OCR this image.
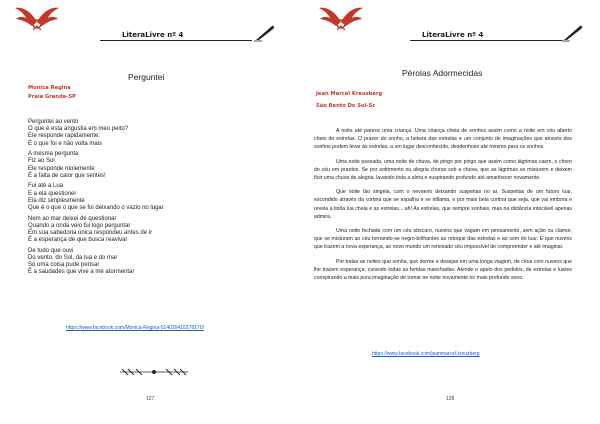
LiteraLivre nº 4
Perguntei
Monica Regina
Praia Grande-SP
Perguntei ao vento
O que é esta angustia em meu peito?
Ele responde rapidamente:
É o que foi e não volta mais
A mesma pergunta
Fiz ao Sol
Ele responde molemente
É a falta de calor que sentes!
Fui até a Lua
E a ela questionei
Ela diz simplesmente
Que é o que o que se foi deixando o vazio no lugar
Nem ao mar deixei de questionar
Quando a onda veio fui logo perguntar
Em sua sabedoria única respondeu antes de ir
É a esperança de que busca reavivar
De tudo que ouvi
Do vento, do Sol, da lua e do mar
Só uma coisa pude pensar
É a saudades que vive a me atormentar
https://www.facebook.com/Monica-Regina-514039415378170/
127
LiteraLivre nº 4
Pérolas Adormecidas
Jean Marcel Kreuzberg
São Bento Do Sul-Sc

A noite até parece uma criança. Uma criança cheia de sonhos assim como a noite em céu aberto cheio de estrelas. O prazer do sonho, a beleza das estrelas e um conjunto de imaginações que através dos sonhos podem levar às estrelas, a um lugar desconhecido, desdenhoso até mesmo para os sonhos.

Uma noite passada, uma noite de chuva, de pingo por pingo que assim como lágrimas caem, o choro do céu em prantos. Se por sofrimento ou alegria choras sob a chuva, que as lágrimas se misturem e deixem fluir uma chuva de alegria, lavando toda a alma e suspirando profundo até amanhecer novamente.

Que noite tão singela, com o nevoeiro deixando suspeitas no ar. Suspeitas de um futuro luar, escondido através da cortina que se espalha e se inflama, e por mais bela cortina que seja, que vai embora e revela a linda lua cheia e as estrelas... ah! As estrelas, que sempre sonhais, mas na distância intocável apenas admira.

Uma noite fechada com um céu obscuro, nuvens que vagam em pensamento, sem ação ou clamor, que se misturam ao céu tornando-se negro-brilhantes ao retoque das estrelas e ao som do luar. E que nuvens que trazem a nova esperança, ao novo mundo um renovado céu impossível de compreender e até imaginar.

Por todas as noites que sonha, que dorme e desejas em uma longa viagem, de céus com nuvens que lhe trazem esperança, curando todas as feridas manchadas. Atende o apelo dos pedidos, de estrelas e luares conspirando a mais pura imaginação de tornar-se noite novamente no mais profundo sono.

https://www.facebook.com/jeanmarcel.kreuzberg
128
